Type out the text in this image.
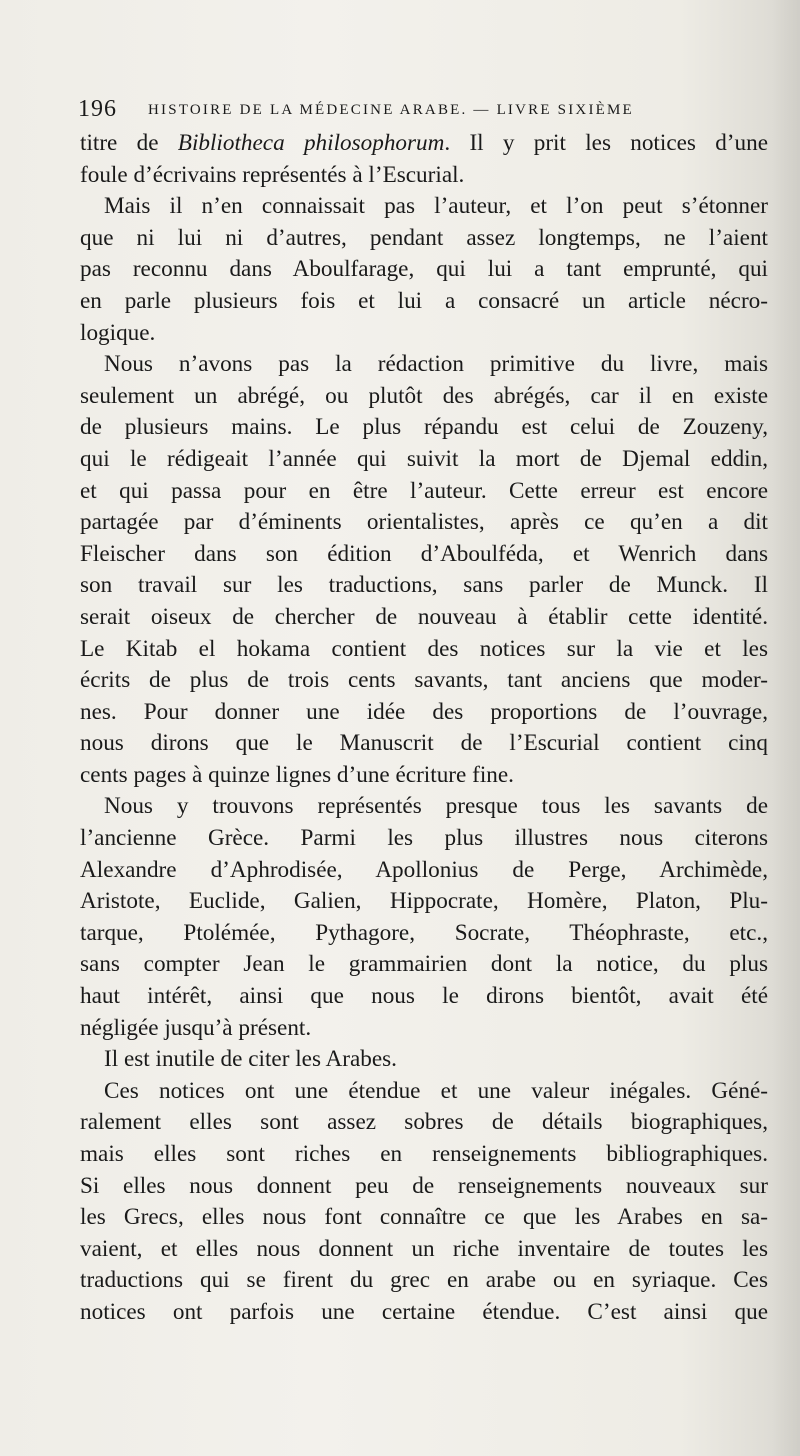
196 HISTOIRE DE LA MÉDECINE ARABE. — LIVRE SIXIÈME
titre de Bibliotheca philosophorum. Il y prit les notices d’une
foule d’écrivains représentés à l’Escurial.
Mais il n’en connaissait pas l’auteur, et l’on peut s’étonner
que ni lui ni d’autres, pendant assez longtemps, ne l’aient
pas reconnu dans Aboulfarage, qui lui a tant emprunté, qui
en parle plusieurs fois et lui a consacré un article nécro-
logique.
Nous n’avons pas la rédaction primitive du livre, mais
seulement un abrégé, ou plutôt des abrégés, car il en existe
de plusieurs mains. Le plus répandu est celui de Zouzeny,
qui le rédigeait l’année qui suivit la mort de Djemal eddin,
et qui passa pour en être l’auteur. Cette erreur est encore
partagée par d’éminents orientalistes, après ce qu’en a dit
Fleischer dans son édition d’Aboulféda, et Wenrich dans
son travail sur les traductions, sans parler de Munck. Il
serait oiseux de chercher de nouveau à établir cette identité.
Le Kitab el hokama contient des notices sur la vie et les
écrits de plus de trois cents savants, tant anciens que moder-
nes. Pour donner une idée des proportions de l’ouvrage,
nous dirons que le Manuscrit de l’Escurial contient cinq
cents pages à quinze lignes d’une écriture fine.
Nous y trouvons représentés presque tous les savants de
l’ancienne Grèce. Parmi les plus illustres nous citerons
Alexandre d’Aphrodisée, Apollonius de Perge, Archimède,
Aristote, Euclide, Galien, Hippocrate, Homère, Platon, Plu-
tarque, Ptolémée, Pythagore, Socrate, Théophraste, etc.,
sans compter Jean le grammairien dont la notice, du plus
haut intérêt, ainsi que nous le dirons bientôt, avait été
négligée jusqu’à présent.
Il est inutile de citer les Arabes.
Ces notices ont une étendue et une valeur inégales. Géné-
ralement elles sont assez sobres de détails biographiques,
mais elles sont riches en renseignements bibliographiques.
Si elles nous donnent peu de renseignements nouveaux sur
les Grecs, elles nous font connaître ce que les Arabes en sa-
vaient, et elles nous donnent un riche inventaire de toutes les
traductions qui se firent du grec en arabe ou en syriaque. Ces
notices ont parfois une certaine étendue. C’est ainsi que
